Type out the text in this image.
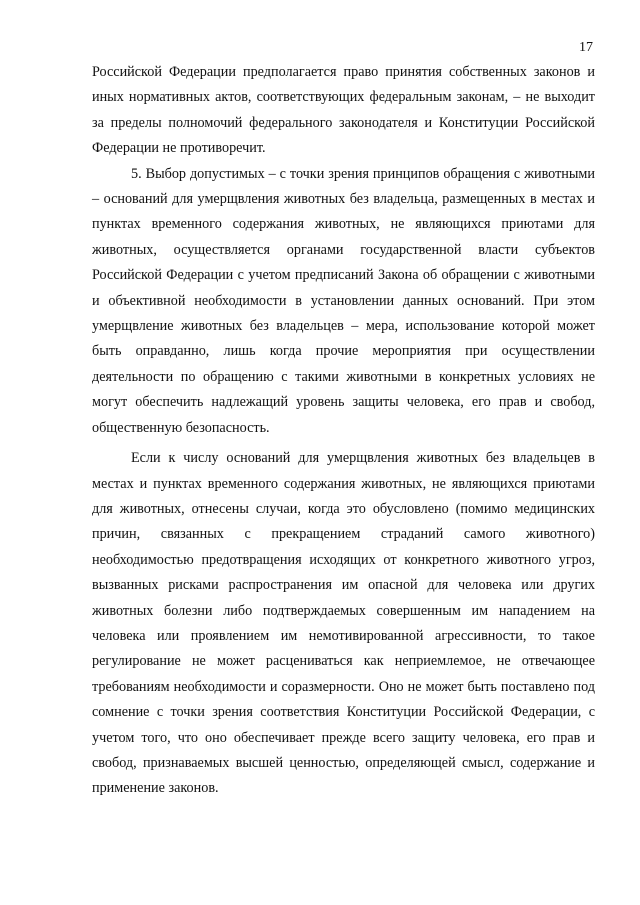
17

Российской Федерации предполагается право принятия собственных законов и иных нормативных актов, соответствующих федеральным законам, – не выходит за пределы полномочий федерального законодателя и Конституции Российской Федерации не противоречит.

5. Выбор допустимых – с точки зрения принципов обращения с животными – оснований для умерщвления животных без владельца, размещенных в местах и пунктах временного содержания животных, не являющихся приютами для животных, осуществляется органами государственной власти субъектов Российской Федерации с учетом предписаний Закона об обращении с животными и объективной необходимости в установлении данных оснований. При этом умерщвление животных без владельцев – мера, использование которой может быть оправданно, лишь когда прочие мероприятия при осуществлении деятельности по обращению с такими животными в конкретных условиях не могут обеспечить надлежащий уровень защиты человека, его прав и свобод, общественную безопасность.

Если к числу оснований для умерщвления животных без владельцев в местах и пунктах временного содержания животных, не являющихся приютами для животных, отнесены случаи, когда это обусловлено (помимо медицинских причин, связанных с прекращением страданий самого животного) необходимостью предотвращения исходящих от конкретного животного угроз, вызванных рисками распространения им опасной для человека или других животных болезни либо подтверждаемых совершенным им нападением на человека или проявлением им немотивированной агрессивности, то такое регулирование не может расцениваться как неприемлемое, не отвечающее требованиям необходимости и соразмерности. Оно не может быть поставлено под сомнение с точки зрения соответствия Конституции Российской Федерации, с учетом того, что оно обеспечивает прежде всего защиту человека, его прав и свобод, признаваемых высшей ценностью, определяющей смысл, содержание и применение законов.
